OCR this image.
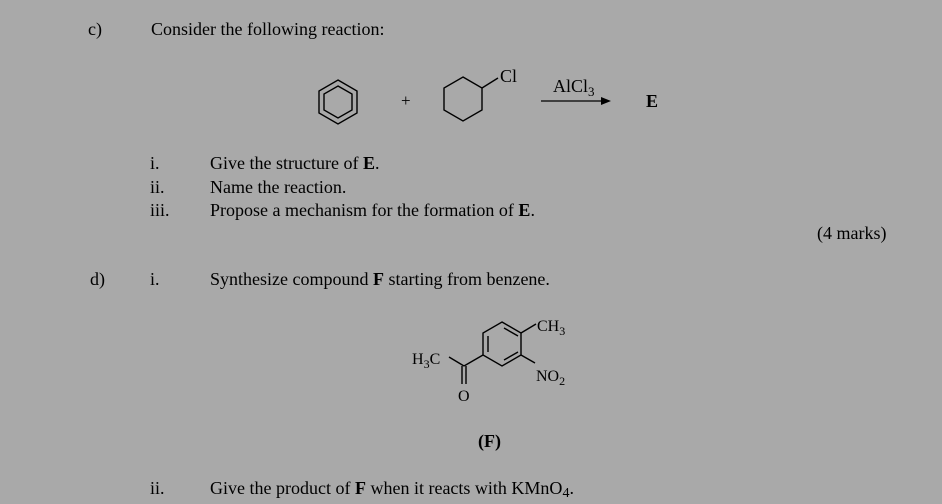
c)	Consider the following reaction:
+
Cl AlCl$_3$	E
$CH_3$
$H_3C$
$NO_2$
O
i.	Give the structure of E.
ii.	Name the reaction.
iii. Propose a mechanism for the formation of E.
(4 marks)
d)	i.	Synthesize compound F starting from benzene.
(F)
ii.	Give the product of F when it reacts with KMnO4.
